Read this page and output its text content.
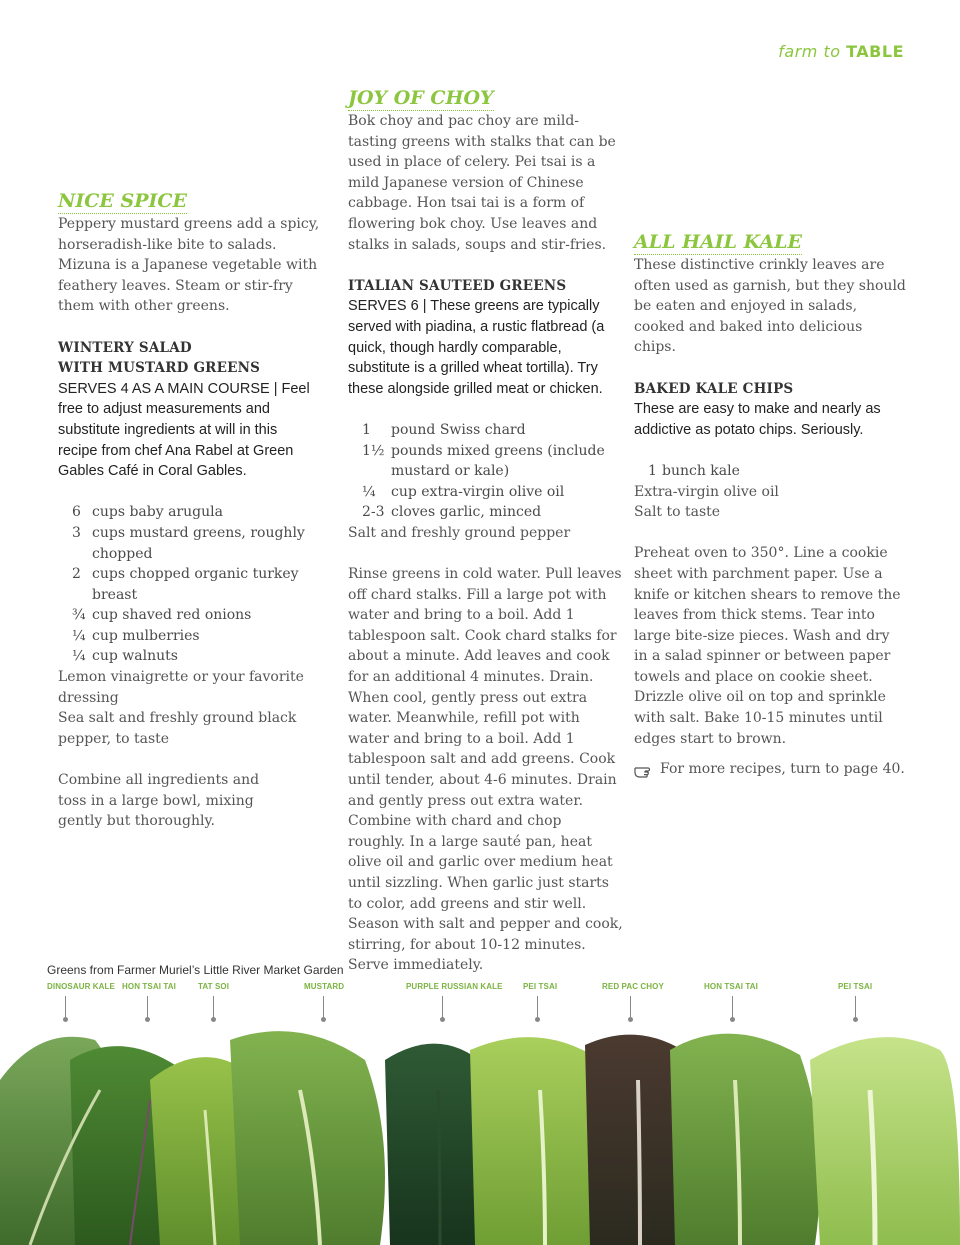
farm to TABLE
NICE SPICE

Peppery mustard greens add a spicy, horseradish-like bite to salads. Mizuna is a Japanese vegetable with feathery leaves. Steam or stir-fry them with other greens.

WINTERY SALAD
WITH MUSTARD GREENS

SERVES 4 AS A MAIN COURSE | Feel free to adjust measurements and substitute ingredients at will in this recipe from chef Ana Rabel at Green Gables Café in Coral Gables.

6 cups baby arugula
3 cups mustard greens, roughly chopped
2 cups chopped organic turkey breast
¾ cup shaved red onions
¼ cup mulberries
¼ cup walnuts

Lemon vinaigrette or your favorite dressing

Sea salt and freshly ground black pepper, to taste

Combine all ingredients and toss in a large bowl, mixing gently but thoroughly.

JOY OF CHOY

Bok choy and pac choy are mild-tasting greens with stalks that can be used in place of celery. Pei tsai is a mild Japanese version of Chinese cabbage. Hon tsai tai is a form of flowering bok choy. Use leaves and stalks in salads, soups and stir-fries.

ITALIAN SAUTEED GREENS

SERVES 6 | These greens are typically served with piadina, a rustic flatbread (a quick, though hardly comparable, substitute is a grilled wheat tortilla). Try these alongside grilled meat or chicken.

1	pound Swiss chard
1½ pounds mixed greens (include mustard or kale)
¼	cup extra-virgin olive oil
2-3 cloves garlic, minced

Salt and freshly ground pepper

Rinse greens in cold water. Pull leaves off chard stalks. Fill a large pot with water and bring to a boil. Add 1 tablespoon salt. Cook chard stalks for about a minute. Add leaves and cook for an additional 4 minutes. Drain. When cool, gently press out extra water. Meanwhile, refill pot with water and bring to a boil. Add 1 tablespoon salt and add greens. Cook until tender, about 4-6 minutes. Drain and gently press out extra water. Combine with chard and chop roughly. In a large sauté pan, heat olive oil and garlic over medium heat until sizzling. When garlic just starts to color, add greens and stir well. Season with salt and pepper and cook, stirring, for about 10-12 minutes. Serve immediately.

ALL HAIL KALE

These distinctive crinkly leaves are often used as garnish, but they should be eaten and enjoyed in salads, cooked and baked into delicious chips.

BAKED KALE CHIPS

These are easy to make and nearly as addictive as potato chips. Seriously.

1 bunch kale

Extra-virgin olive oil

Salt to taste

Preheat oven to 350°. Line a cookie sheet with parchment paper. Use a knife or kitchen shears to remove the leaves from thick stems. Tear into large bite-size pieces. Wash and dry in a salad spinner or between paper towels and place on cookie sheet. Drizzle olive oil on top and sprinkle with salt. Bake 10-15 minutes until edges start to brown.

For more recipes, turn to page 40.
Greens from Farmer Muriel’s Little River Market Garden
DINOSAUR KALE HON TSAI TAI	TAT SOI	MUSTARD	PURPLE RUSSIAN KALE	PEI TSAI	RED PAC CHOY	HON TSAI TAI	PEI TSAI
